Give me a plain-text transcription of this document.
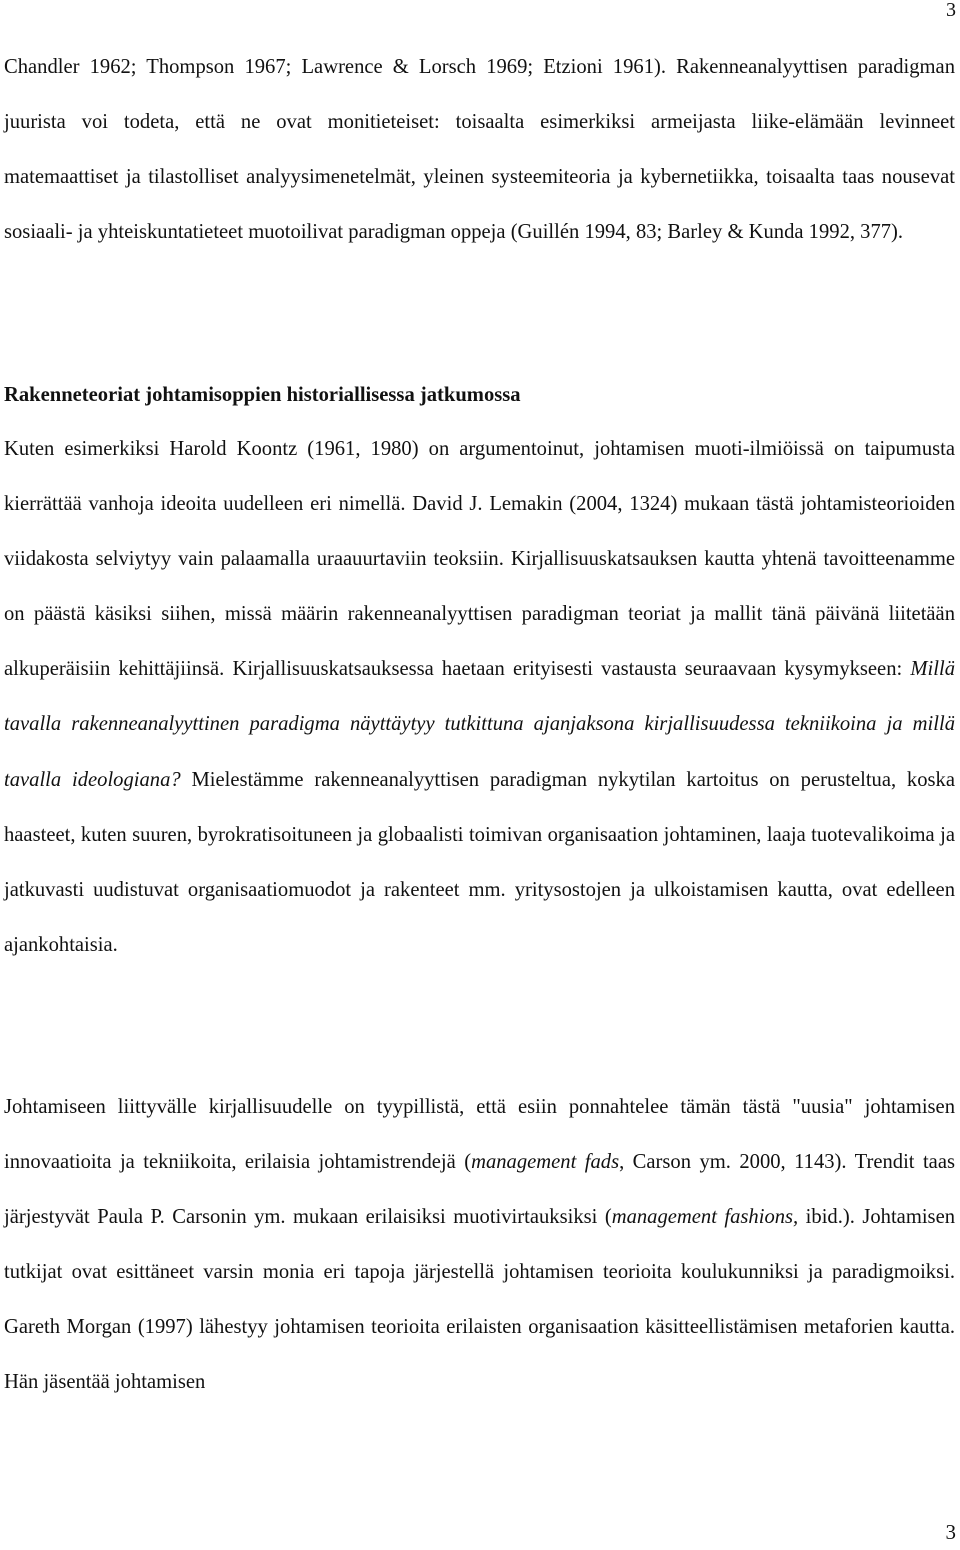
3

Chandler 1962; Thompson 1967; Lawrence & Lorsch 1969; Etzioni 1961). Rakenneanalyyttisen paradigman juurista voi todeta, että ne ovat monitieteiset: toisaalta esimerkiksi armeijasta liike-elämään levinneet matemaattiset ja tilastolliset analyysimenetelmät, yleinen systeemiteoria ja kybernetiikka, toisaalta taas nousevat sosiaali- ja yhteiskuntatieteet muotoilivat paradigman oppeja (Guillén 1994, 83; Barley & Kunda 1992, 377).

Rakenneteoriat johtamisoppien historiallisessa jatkumossa

Kuten esimerkiksi Harold Koontz (1961, 1980) on argumentoinut, johtamisen muoti-ilmiöissä on taipumusta kierrättää vanhoja ideoita uudelleen eri nimellä. David J. Lemakin (2004, 1324) mukaan tästä johtamisteorioiden viidakosta selviytyy vain palaamalla uraauurtaviin teoksiin. Kirjallisuuskatsauksen kautta yhtenä tavoitteenamme on päästä käsiksi siihen, missä määrin rakenneanalyyttisen paradigman teoriat ja mallit tänä päivänä liitetään alkuperäisiin kehittäjiinsä. Kirjallisuuskatsauksessa haetaan erityisesti vastausta seuraavaan kysymykseen: Millä tavalla rakenneanalyyttinen paradigma näyttäytyy tutkittuna ajanjaksona kirjallisuudessa tekniikoina ja millä tavalla ideologiana? Mielestämme rakenneanalyyttisen paradigman nykytilan kartoitus on perusteltua, koska haasteet, kuten suuren, byrokratisoituneen ja globaalisti toimivan organisaation johtaminen, laaja tuotevalikoima ja jatkuvasti uudistuvat organisaatiomuodot ja rakenteet mm. yritysostojen ja ulkoistamisen kautta, ovat edelleen ajankohtaisia.

Johtamiseen liittyvälle kirjallisuudelle on tyypillistä, että esiin ponnahtelee tämän tästä "uusia" johtamisen innovaatioita ja tekniikoita, erilaisia johtamistrendejä (management fads, Carson ym. 2000, 1143). Trendit taas järjestyvät Paula P. Carsonin ym. mukaan erilaisiksi muotivirtauksiksi (management fashions, ibid.). Johtamisen tutkijat ovat esittäneet varsin monia eri tapoja järjestellä johtamisen teorioita koulukunniksi ja paradigmoiksi. Gareth Morgan (1997) lähestyy johtamisen teorioita erilaisten organisaation käsitteellistämisen metaforien kautta. Hän jäsentää johtamisen

3
